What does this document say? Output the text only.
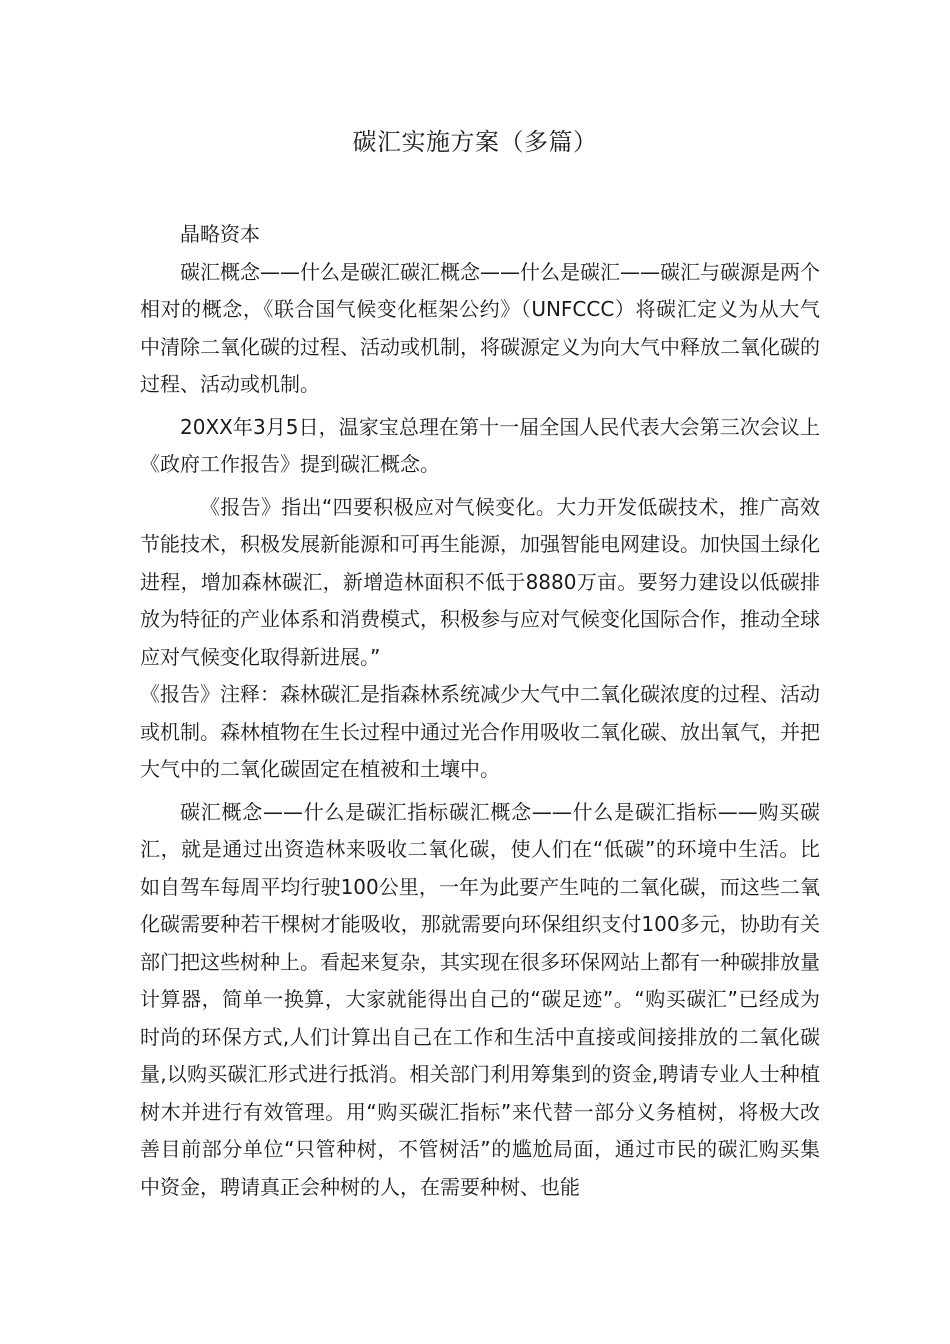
碳汇实施方案（多篇）

晶略资本

碳汇概念——什么是碳汇碳汇概念——什么是碳汇——碳汇与碳源是两个相对的概念，《联合国气候变化框架公约》（UNFCCC）将碳汇定义为从大气中清除二氧化碳的过程、活动或机制，将碳源定义为向大气中释放二氧化碳的过程、活动或机制。

20XX年3月5日，温家宝总理在第十一届全国人民代表大会第三次会议上《政府工作报告》提到碳汇概念。

《报告》指出“四要积极应对气候变化。大力开发低碳技术，推广高效节能技术，积极发展新能源和可再生能源，加强智能电网建设。加快国土绿化进程，增加森林碳汇，新增造林面积不低于8880万亩。要努力建设以低碳排放为特征的产业体系和消费模式，积极参与应对气候变化国际合作，推动全球应对气候变化取得新进展。”

《报告》注释：森林碳汇是指森林系统减少大气中二氧化碳浓度的过程、活动或机制。森林植物在生长过程中通过光合作用吸收二氧化碳、放出氧气，并把大气中的二氧化碳固定在植被和土壤中。

碳汇概念——什么是碳汇指标碳汇概念——什么是碳汇指标——购买碳汇，就是通过出资造林来吸收二氧化碳，使人们在“低碳”的环境中生活。比如自驾车每周平均行驶100公里，一年为此要产生吨的二氧化碳，而这些二氧化碳需要种若干棵树才能吸收，那就需要向环保组织支付100多元，协助有关部门把这些树种上。看起来复杂，其实现在很多环保网站上都有一种碳排放量计算器，简单一换算，大家就能得出自己的“碳足迹”。“购买碳汇”已经成为时尚的环保方式,人们计算出自己在工作和生活中直接或间接排放的二氧化碳量,以购买碳汇形式进行抵消。相关部门利用筹集到的资金,聘请专业人士种植树木并进行有效管理。用“购买碳汇指标”来代替一部分义务植树，将极大改善目前部分单位“只管种树，不管树活”的尴尬局面，通过市民的碳汇购买集中资金，聘请真正会种树的人，在需要种树、也能
